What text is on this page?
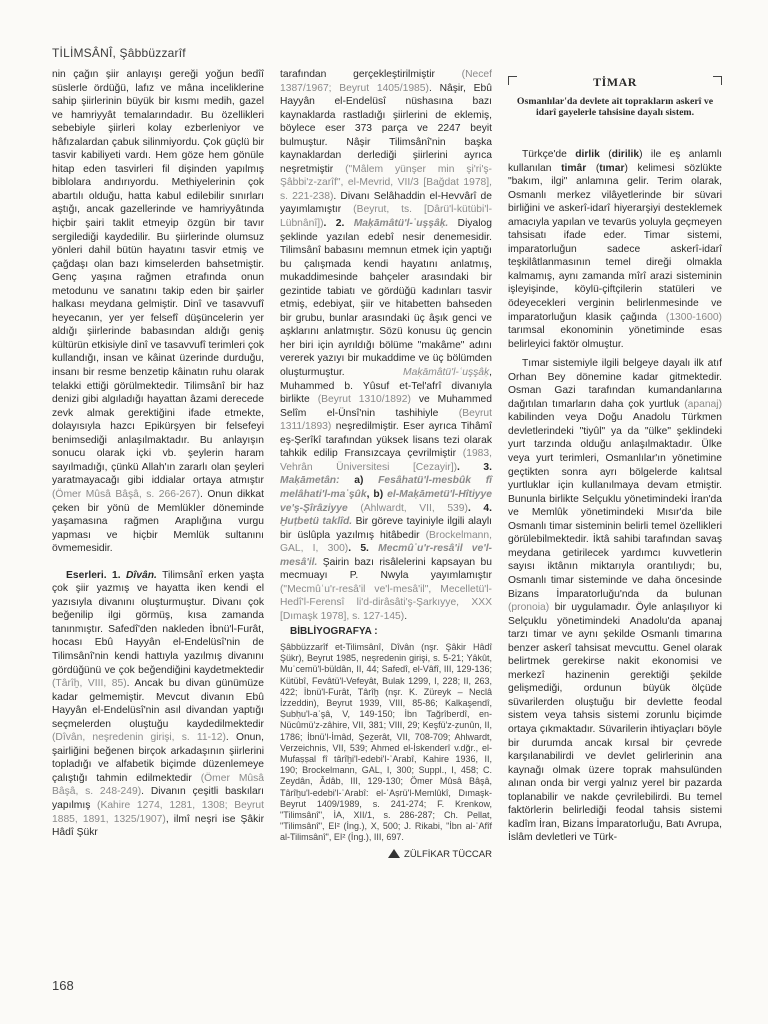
TİLİMSÂNÎ, Şâbbüzzarîf

nin çağın şiir anlayışı gereği yoğun bedîî süslerle ördüğü, lafız ve mâna inceliklerine sahip şiirlerinin büyük bir kısmı medih, gazel ve hamriyyât temalarındadır. Bu özellikleri sebebiyle şiirleri kolay ezberleniyor ve hâfızalardan çabuk silinmiyordu. Çok güçlü bir tasvir kabiliyeti vardı. Hem göze hem gönüle hitap eden tasvirleri fil dişinden yapılmış biblolara andırıyordu. Methiyelerinin çok abartılı olduğu, hatta kabul edilebilir sınırları aştığı, ancak gazellerinde ve hamriyyâtında hiçbir şairi taklit etmeyip özgün bir tavır sergilediği kaydedilir. Bu şiirlerinde olumsuz yönleri dahil bütün hayatını tasvir etmiş ve çağdaşı olan bazı kimselerden bahsetmiştir. Genç yaşına rağmen etrafında onun metodunu ve sanatını takip eden bir şairler halkası meydana gelmiştir. Dinî ve tasavvufî heyecanın, yer yer felsefî düşüncelerin yer aldığı şiirlerinde babasından aldığı geniş kültürün etkisiyle dinî ve tasavvufî terimleri çok kullandığı, insan ve kâinat üzerinde durduğu, insanı bir resme benzetip kâinatın ruhu olarak telakki ettiği görülmektedir. Tilimsânî bir haz denizi gibi algıladığı hayattan âzami derecede zevk almak gerektiğini ifade etmekte, dolayısıyla hazcı Epikürşyen bir felsefeyi benimsediği anlaşılmaktadır. Bu anlayışın sonucu olarak içki vb. şeylerin haram sayılmadığı, çünkü Allah'ın zararlı olan şeyleri yaratmayacağı gibi iddialar ortaya atmıştır (Ömer Mûsâ Bâşâ, s. 266-267). Onun dikkat çeken bir yönü de Memlükler döneminde yaşamasına rağmen Araplığına vurgu yapması ve hiçbir Memlük sultanını övmemesidir.

Eserleri. 1. Dîvân. Tilimsânî erken yaşta çok şiir yazmış ve hayatta iken kendi el yazısıyla divanını oluşturmuştur. Divanı çok beğenilip ilgi görmüş, kısa zamanda tanınmıştır. Safedî'den nakleden İbnü'l-Furât, hocası Ebû Hayyân el-Endelüsî'nin de Tilimsânî'nin kendi hattıyla yazılmış divanını gördüğünü ve çok beğendiğini kaydetmektedir (Târîḫ, VIII, 85). Ancak bu divan günümüze kadar gelmemiştir. Mevcut divanın Ebû Hayyân el-Endelüsî'nin asıl divandan yaptığı seçmelerden oluştuğu kaydedilmektedir (Dîvân, neşredenin girişi, s. 11-12). Onun, şairliğini beğenen birçok arkadaşının şiirlerini topladığı ve alfabetik biçimde düzenlemeye çalıştığı tahmin edilmektedir (Ömer Mûsâ Bâşâ, s. 248-249). Divanın çeşitli baskıları yapılmış (Kahire 1274, 1281, 1308; Beyrut 1885, 1891, 1325/1907), ilmî neşri ise Şâkir Hâdî Şükr

tarafından gerçekleştirilmiştir (Necef 1387/1967; Beyrut 1405/1985). Nâşir, Ebû Hayyân el-Endelüsî nüshasına bazı kaynaklarda rastladığı şiirlerini de eklemiş, böylece eser 373 parça ve 2247 beyit bulmuştur. Nâşir Tilimsânî'nin başka kaynaklardan derlediği şiirlerini ayrıca neşretmiştir ("Mâlem yünşer min şi'ri'ş-Şâbbi'z-zarîf", el-Mevrid, VII/3 [Bağdat 1978], s. 221-238). Divanı Selâhaddin el-Hevvârî de yayımlamıştır (Beyrut, ts. [Dârü'l-kütübi'l-Lübnânî]). 2. Maḳāmâtü'l-ʿuşşâḳ. Diyalog şeklinde yazılan edebî nesir denemesidir. Tilimsânî babasını memnun etmek için yaptığı bu çalışmada kendi hayatını anlatmış, mukaddimesinde bahçeler arasındaki bir gezintide tabiatı ve gördüğü kadınları tasvir etmiş, edebiyat, şiir ve hitabetten bahseden bir grubu, bunlar arasındaki üç âşık genci ve aşklarını anlatmıştır. Sözü konusu üç gencin her biri için ayrıldığı bölüme "makâme" adını vererek yazıyı bir mukaddime ve üç bölümden oluşturmuştur. Maḳāmâtü'l-ʿuşşâḳ, Muhammed b. Yûsuf et-Tel'afrî divanıyla birlikte (Beyrut 1310/1892) ve Muhammed Selîm el-Ünsî'nin tashihiyle (Beyrut 1311/1893) neşredilmiştir. Eser ayrıca Tihâmî eş-Şerîkî tarafından yüksek lisans tezi olarak tahkik edilip Fransızcaya çevrilmiştir (1983, Vehrân Üniversitesi [Cezayir]). 3. Maḳāmetân: a) Fesâhatü'l-mesbûk fî melâhati'l-maʿşûk, b) el-Maḳāmetü'l-Hîtiyye ve'ş-Şîrâziyye (Ahlwardt, VII, 539). 4. Ḫuṭbetü taklîd. Bir göreve tayiniyle ilgili alaylı bir üslûpla yazılmış hitâbedir (Brockelmann, GAL, I, 300). 5. Mecmûʿu'r-resâ'il ve'l-mesâ'il. Şairin bazı risâlelerini kapsayan bu mecmuayı P. Nwyla yayımlamıştır ("Mecmûʿu'r-resâ'il ve'l-mesâ'il", Mecelletü'l-Hedî'l-Ferensî li'd-dirâsâti'ş-Şarkıyye, XXX [Dımaşk 1978], s. 127-145).

BİBLİYOGRAFYA :

Şâbbüzzarîf et-Tilimsânî, Dîvân (nşr. Şâkir Hâdî Şükr), Beyrut 1985, neşredenin girişi, s. 5-21; Yâkût, Muʿcemü'l-büldân, II, 44; Safedî, el-Vâfî, III, 129-136; Kütübî, Fevâtü'l-Vefeyât, Bulak 1299, I, 228; II, 263, 422; İbnü'l-Furât, Târîḫ (nşr. K. Züreyk – Neclâ İzzeddin), Beyrut 1939, VIII, 85-86; Kalkaşendî, Ṣubḥu'l-aʿşâ, V, 149-150; İbn Tağrîberdî, en-Nücûmü'z-zâhire, VII, 381; VIII, 29; Keşfü'z-ẓunûn, II, 1786; İbnü'l-İmâd, Şeẕerât, VII, 708-709; Ahlwardt, Verzeichnis, VII, 539; Ahmed el-İskenderî v.dğr., el-Mufaṣṣal fî târîḫi'l-edebi'l-ʿArabî, Kahire 1936, II, 190; Brockelmann, GAL, I, 300; Suppl., I, 458; C. Zeydân, Âdâb, III, 129-130; Ömer Mûsâ Bâşâ, Târîḫu'l-edebi'l-ʿArabî: el-ʿAṣrü'l-Memlûkî, Dımaşk-Beyrut 1409/1989, s. 241-274; F. Krenkow, "Tilimsânî", İA, XII/1, s. 286-287; Ch. Pellat, "Tilimsânî", EI² (İng.), X, 500; J. Rikabi, "İbn al-ʿAfîf al-Tilimsânî", EI² (İng.), III, 697.

ZÜLFİKAR TÜCCAR
TİMAR
Osmanlılar'da devlete ait toprakların askerî ve idarî gayelerle tahsisine dayalı sistem.

Türkçe'de dirlik (dirilik) ile eş anlamlı kullanılan timâr (tımar) kelimesi sözlükte "bakım, ilgi" anlamına gelir. Terim olarak, Osmanlı merkez vilâyetlerinde bir süvari birliğini ve askerî-idarî hiyerarşiyi desteklemek amacıyla yapılan ve tevarüs yoluyla geçmeyen tahsisatı ifade eder. Timar sistemi, imparatorluğun sadece askerî-idarî teşkilâtlanmasının temel direği olmakla kalmamış, aynı zamanda mîrî arazi sisteminin işleyişinde, köylü-çiftçilerin statüleri ve ödeyecekleri verginin belirlenmesinde ve imparatorluğun klasik çağında (1300-1600) tarımsal ekonominin yönetiminde esas belirleyici faktör olmuştur.

Tımar sistemiyle ilgili belgeye dayalı ilk atıf Orhan Bey dönemine kadar gitmektedir. Osman Gazi tarafından kumandanlarına dağıtılan tımarların daha çok yurtluk (apanaj) kabilinden veya Doğu Anadolu Türkmen devletlerindeki "tiyûl" ya da "ülke" şeklindeki yurt tarzında olduğu anlaşılmaktadır. Ülke veya yurt terimleri, Osmanlılar'ın yönetimine geçtikten sonra ayrı bölgelerde kalıtsal yurtluklar için kullanılmaya devam etmiştir. Bununla birlikte Selçuklu yönetimindeki İran'da ve Memlûk yönetimindeki Mısır'da bile Osmanlı timar sisteminin belirli temel özellikleri görülebilmektedir. İktâ sahibi tarafından savaş meydana getirilecek yardımcı kuvvetlerin sayısı iktânın miktarıyla orantılıydı; bu, Osmanlı timar sisteminde ve daha öncesinde Bizans İmparatorluğu'nda da bulunan (pronoia) bir uygulamadır. Öyle anlaşılıyor ki Selçuklu yönetimindeki Anadolu'da apanaj tarzı timar ve aynı şekilde Osmanlı timarına benzer askerî tahsisat mevcuttu. Genel olarak belirtmek gerekirse nakit ekonomisi ve merkezî hazinenin gerektiği şekilde gelişmediği, ordunun büyük ölçüde süvarilerden oluştuğu bir devlette feodal sistem veya tahsis sistemi zorunlu biçimde ortaya çıkmaktadır. Süvarilerin ihtiyaçları böyle bir durumda ancak kırsal bir çevrede karşılanabilirdi ve devlet gelirlerinin ana kaynağı olmak üzere toprak mahsulünden alınan onda bir vergi yalnız yerel bir pazarda toplanabilir ve nakde çevrilebilirdi. Bu temel faktörlerin belirlediği feodal tahsis sistemi kadîm İran, Bizans İmparatorluğu, Batı Avrupa, İslâm devletleri ve Türk-

168
